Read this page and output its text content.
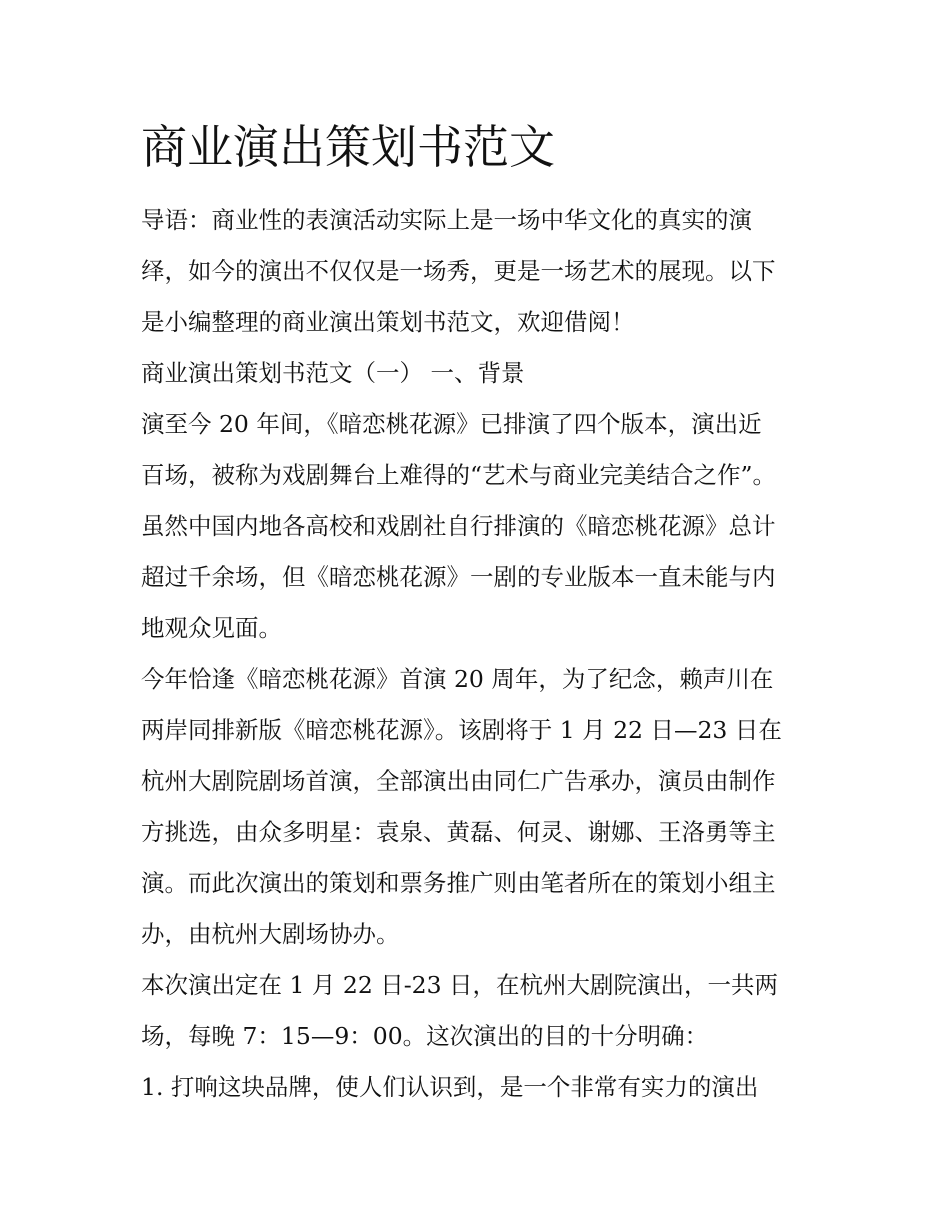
商业演出策划书范文
导语：商业性的表演活动实际上是一场中华文化的真实的演
绎，如今的演出不仅仅是一场秀，更是一场艺术的展现。以下
是小编整理的商业演出策划书范文，欢迎借阅！
商业演出策划书范文（一） 一、背景
演至今 20 年间，《暗恋桃花源》已排演了四个版本，演出近
百场，被称为戏剧舞台上难得的“艺术与商业完美结合之作”。
虽然中国内地各高校和戏剧社自行排演的《暗恋桃花源》总计
超过千余场，但《暗恋桃花源》一剧的专业版本一直未能与内
地观众见面。
今年恰逢《暗恋桃花源》首演 20 周年，为了纪念，赖声川在
两岸同排新版《暗恋桃花源》。该剧将于 1 月 22 日—23 日在
杭州大剧院剧场首演，全部演出由同仁广告承办，演员由制作
方挑选，由众多明星：袁泉、黄磊、何灵、谢娜、王洛勇等主
演。而此次演出的策划和票务推广则由笔者所在的策划小组主
办，由杭州大剧场协办。
本次演出定在 1 月 22 日-23 日，在杭州大剧院演出，一共两
场，每晚 7：15—9：00。这次演出的目的十分明确：
1. 打响这块品牌，使人们认识到，是一个非常有实力的演出
